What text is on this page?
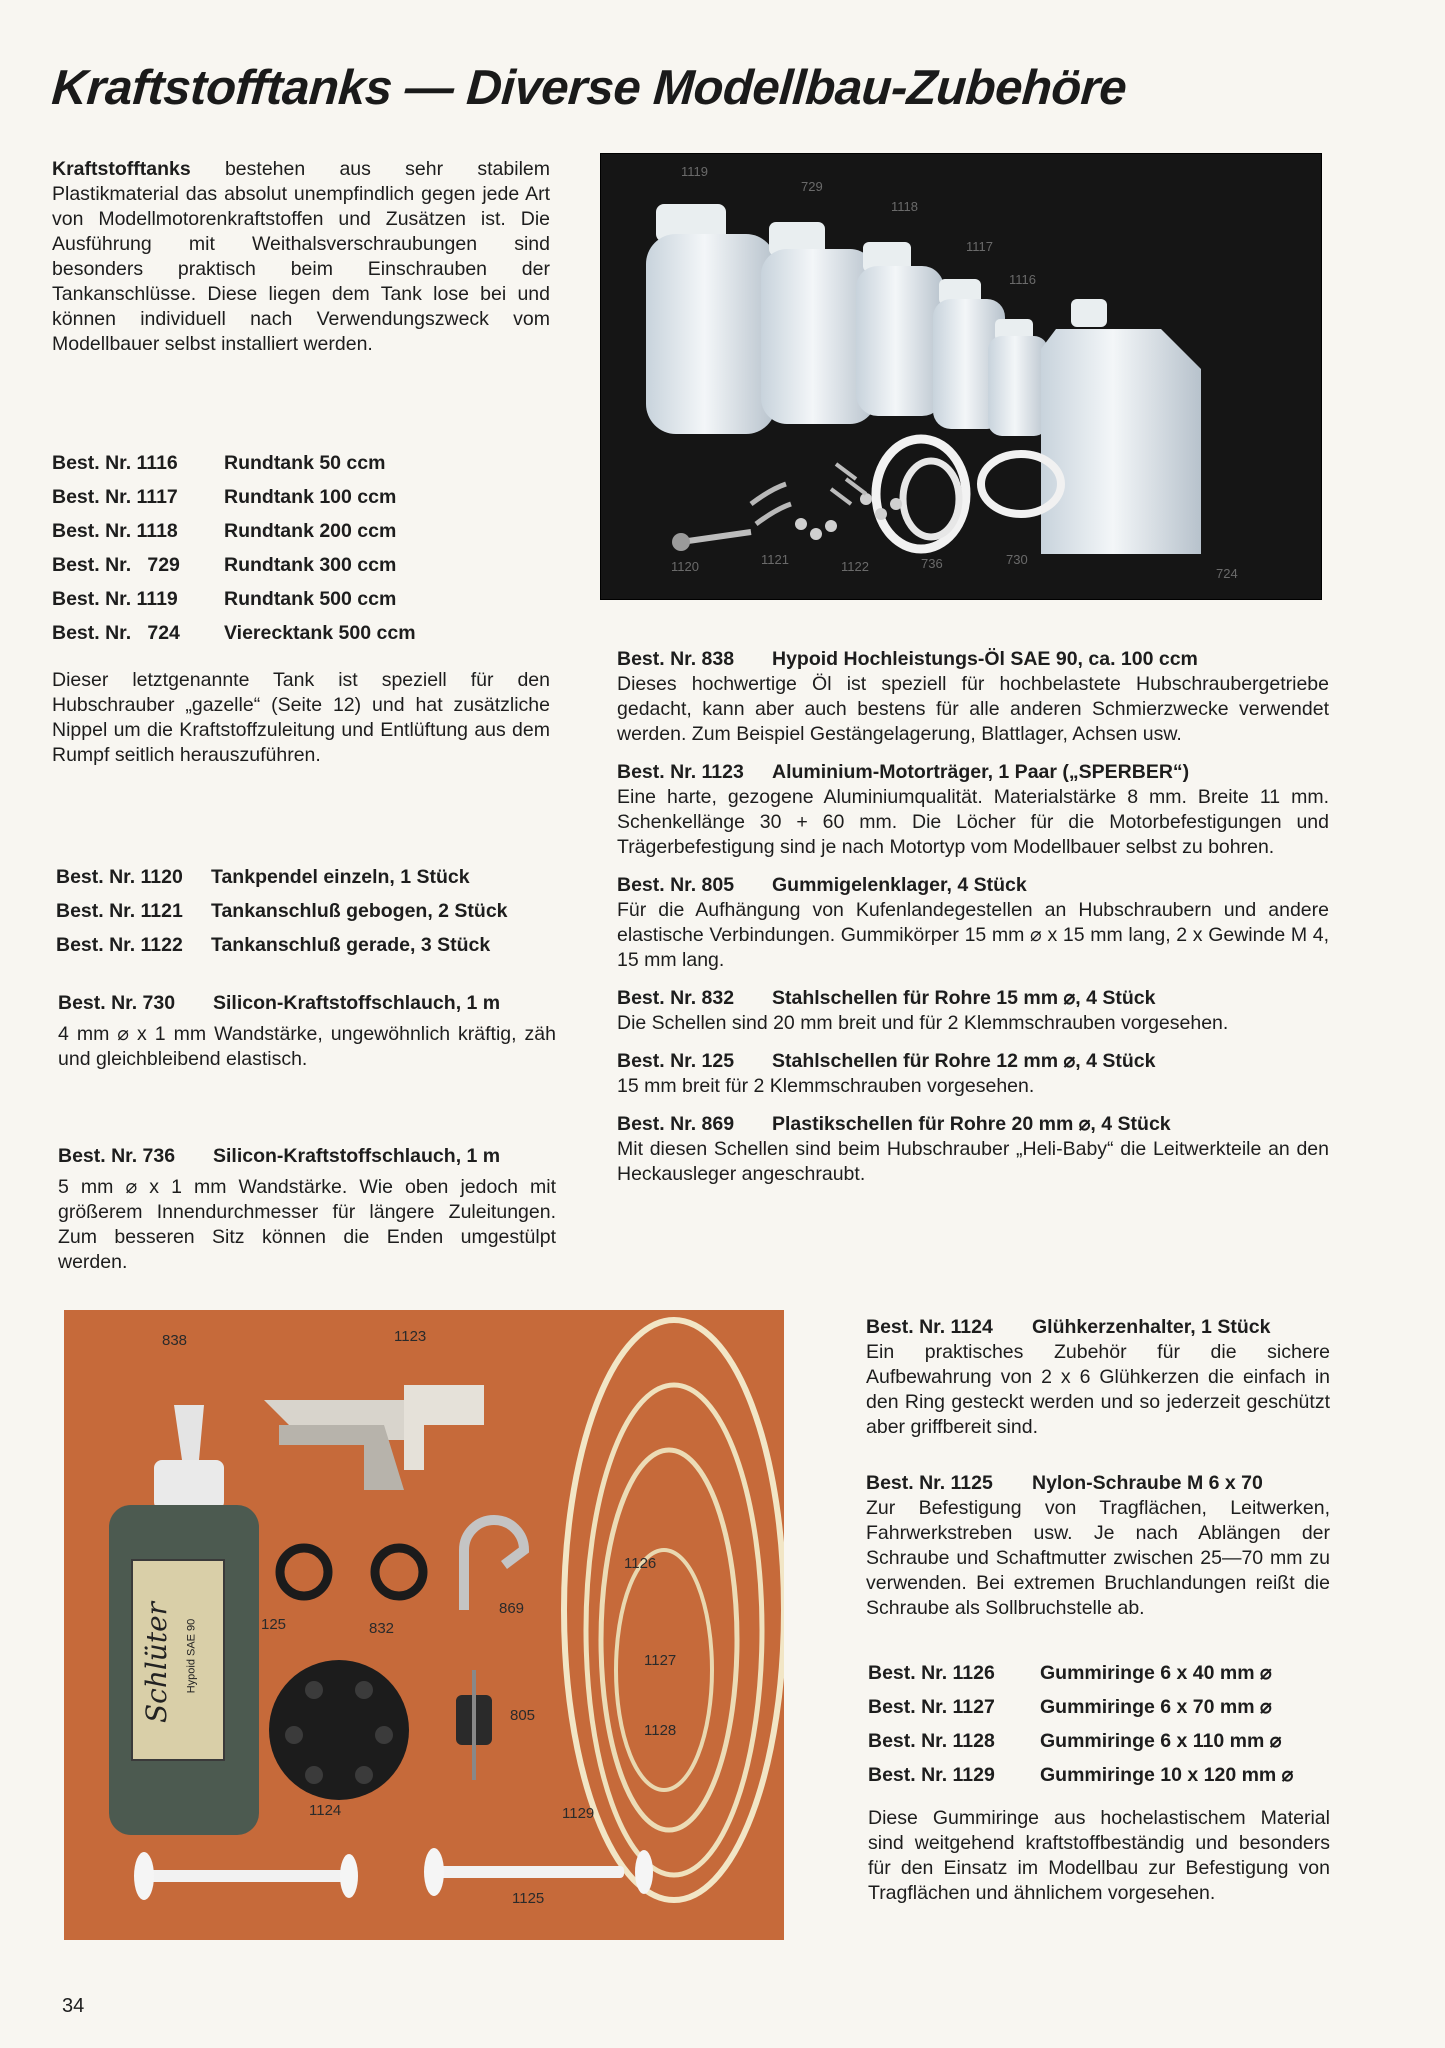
Kraftstofftanks — Diverse Modellbau-Zubehöre

Kraftstofftanks bestehen aus sehr stabilem Plastikmaterial das absolut unempfindlich gegen jede Art von Modellmotorenkraftstoffen und Zusätzen ist. Die Ausführung mit Weithalsverschraubungen sind besonders praktisch beim Einschrauben der Tankanschlüsse. Diese liegen dem Tank lose bei und können individuell nach Verwendungszweck vom Modellbauer selbst installiert werden.

Best. Nr. 1116	Rundtank 50 ccm
Best. Nr. 1117	Rundtank 100 ccm
Best. Nr. 1118	Rundtank 200 ccm
Best. Nr.   729	Rundtank 300 ccm
Best. Nr. 1119	Rundtank 500 ccm
Best. Nr.   724	Vierecktank 500 ccm

Dieser letztgenannte Tank ist speziell für den Hubschrauber „gazelle“ (Seite 12) und hat zusätzliche Nippel um die Kraftstoffzuleitung und Entlüftung aus dem Rumpf seitlich herauszuführen.

Best. Nr. 1120	Tankpendel einzeln, 1 Stück
Best. Nr. 1121	Tankanschluß gebogen, 2 Stück
Best. Nr. 1122	Tankanschluß gerade, 3 Stück
Best. Nr. 730 Silicon-Kraftstoffschlauch, 1 m
4 mm ⌀ x 1 mm Wandstärke, ungewöhnlich kräftig, zäh und gleichbleibend elastisch.
Best. Nr. 736 Silicon-Kraftstoffschlauch, 1 m
5 mm ⌀ x 1 mm Wandstärke. Wie oben jedoch mit größerem Innendurchmesser für längere Zuleitungen. Zum besseren Sitz können die Enden umgestülpt werden.
1119
729
1118
1117
1116
1120	1121	1122	736	730
724
Best. Nr. 838 Hypoid Hochleistungs-Öl SAE 90, ca. 100 ccm
Dieses hochwertige Öl ist speziell für hochbelastete Hubschraubergetriebe gedacht, kann aber auch bestens für alle anderen Schmierzwecke verwendet werden. Zum Beispiel Gestängelagerung, Blattlager, Achsen usw.
Best. Nr. 1123 Aluminium-Motorträger, 1 Paar („SPERBER“)
Eine harte, gezogene Aluminiumqualität. Materialstärke 8 mm. Breite 11 mm. Schenkellänge 30 + 60 mm. Die Löcher für die Motorbefestigungen und Trägerbefestigung sind je nach Motortyp vom Modellbauer selbst zu bohren.
Best. Nr. 805 Gummigelenklager, 4 Stück
Für die Aufhängung von Kufenlandegestellen an Hubschraubern und andere elastische Verbindungen. Gummikörper 15 mm ⌀ x 15 mm lang, 2 x Gewinde M 4, 15 mm lang.
Best. Nr. 832 Stahlschellen für Rohre 15 mm ⌀, 4 Stück
Die Schellen sind 20 mm breit und für 2 Klemmschrauben vorgesehen.
Best. Nr. 125 Stahlschellen für Rohre 12 mm ⌀, 4 Stück
15 mm breit für 2 Klemmschrauben vorgesehen.
Best. Nr. 869 Plastikschellen für Rohre 20 mm ⌀, 4 Stück
Mit diesen Schellen sind beim Hubschrauber „Heli-Baby“ die Leitwerkteile an den Heckausleger angeschraubt.
Schlüter Hypoid SAE 90
838	1123
1126
125	832
869
1127
805
1128
1124	1129
1125
Best. Nr. 1124 Glühkerzenhalter, 1 Stück
Ein praktisches Zubehör für die sichere Aufbewahrung von 2 x 6 Glühkerzen die einfach in den Ring gesteckt werden und so jederzeit geschützt aber griffbereit sind.
Best. Nr. 1125 Nylon-Schraube M 6 x 70
Zur Befestigung von Tragflächen, Leitwerken, Fahrwerkstreben usw. Je nach Ablängen der Schraube und Schaftmutter zwischen 25—70 mm zu verwenden. Bei extremen Bruchlandungen reißt die Schraube als Sollbruchstelle ab.
Best. Nr. 1126	Gummiringe 6 x 40 mm ⌀
Best. Nr. 1127	Gummiringe 6 x 70 mm ⌀
Best. Nr. 1128	Gummiringe 6 x 110 mm ⌀
Best. Nr. 1129	Gummiringe 10 x 120 mm ⌀

Diese Gummiringe aus hochelastischem Material sind weitgehend kraftstoffbeständig und besonders für den Einsatz im Modellbau zur Befestigung von Tragflächen und ähnlichem vorgesehen.

34
